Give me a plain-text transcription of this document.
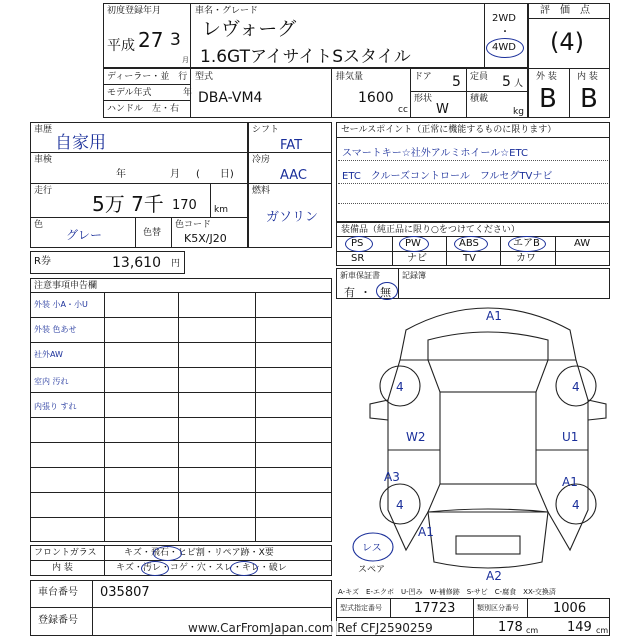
初度登録年月
平成 27 3
月
車名・グレード
レヴォーグ
1.6GTアイサイトSスタイル
2WD
・
4WD
評　価　点
(4)
外 装 内 装
B B
ディーラー・並　行
モデル年式	年
ハンドル　左・右
型式
DBA-VM4
排気量
1600
cc
ドア 5
形状
W
定員 5 人
積載
kg
車歴
自家用
車検
年	月 (　　日)
走行
5万 7千 170 km
色
グレー	色替
色コード
K5X/J20
シフト
FAT
冷房
AAC
燃料
ガソリン
R券	13,610 円
セールスポイント（正常に機能するものに限ります）
スマートキー☆社外アルミホイール☆ETC
ETC　クルーズコントロール　フルセグTVナビ
装備品（純正品に限り○をつけてください）
PS	PW	ABS	エアB	AW
SR	ナビ	TV	カワ
新車保証書	記録簿
有 ・ 無
注意事項申告欄
外装 小A・小U
外装 色あせ
社外AW
室内 汚れ
内張り すれ
フロントガラス	キズ・飛石・ヒビ割・リペア跡・X要
内 装	キズ・汚レ・コゲ・穴・スレ・キレ・破レ
車台番号 035807
登録番号
A1
4	4
W2	U1
A3
4
A1
4
A1
A2
レス
スペア
A-キズ　E-エクボ　U-凹み　W-補修跡　S-サビ　C-腐食　XX-交換済
型式指定番号 17723	類別区分番号	1006
178 cm 149 cm
www.CarFromJapan.com Ref CFJ2590259
